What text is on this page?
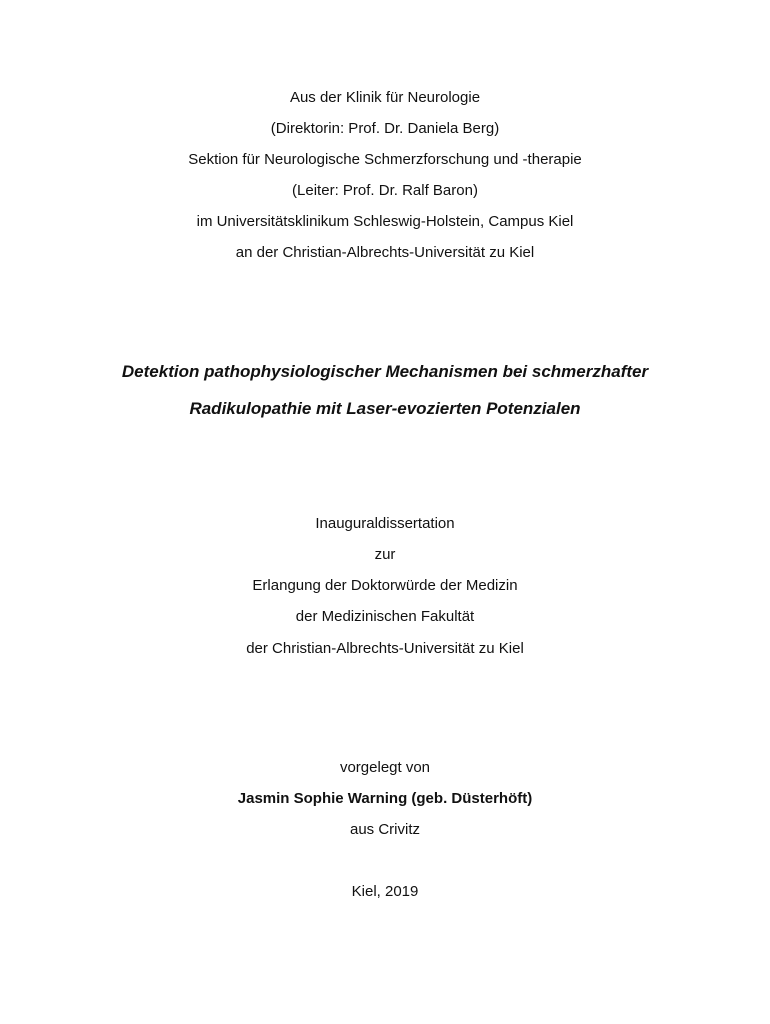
Aus der Klinik für Neurologie
(Direktorin: Prof. Dr. Daniela Berg)
Sektion für Neurologische Schmerzforschung und -therapie
(Leiter: Prof. Dr. Ralf Baron)
im Universitätsklinikum Schleswig-Holstein, Campus Kiel
an der Christian-Albrechts-Universität zu Kiel
Detektion pathophysiologischer Mechanismen bei schmerzhafter
Radikulopathie mit Laser-evozierten Potenzialen
Inauguraldissertation
zur
Erlangung der Doktorwürde der Medizin
der Medizinischen Fakultät
der Christian-Albrechts-Universität zu Kiel
vorgelegt von
Jasmin Sophie Warning (geb. Düsterhöft)
aus Crivitz
Kiel, 2019
